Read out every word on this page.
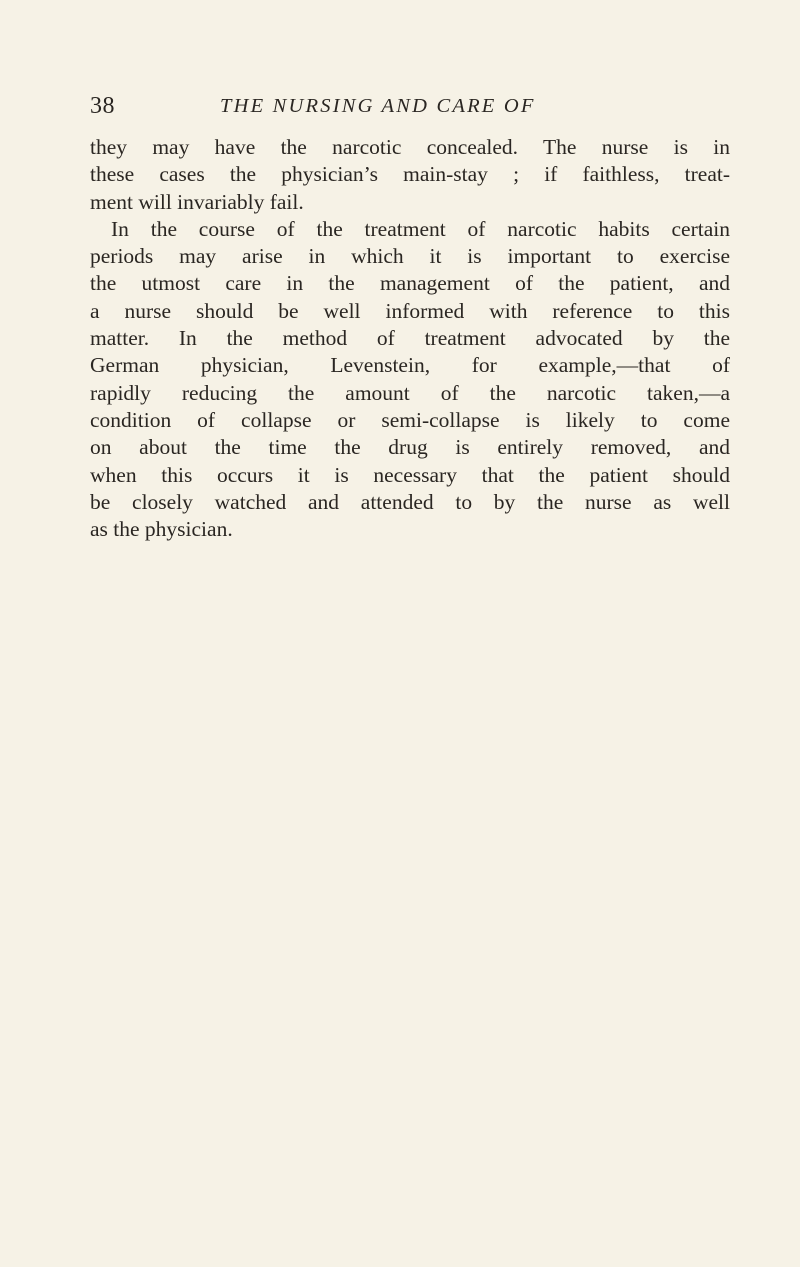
38	THE NURSING AND CARE OF
they may have the narcotic concealed. The nurse is in
these cases the physician’s main-stay ; if faithless, treat-
ment will invariably fail.
In the course of the treatment of narcotic habits certain
periods may arise in which it is important to exercise
the utmost care in the management of the patient, and
a nurse should be well informed with reference to this
matter. In the method of treatment advocated by the
German physician, Levenstein, for example,—that of
rapidly reducing the amount of the narcotic taken,—a
condition of collapse or semi-collapse is likely to come
on about the time the drug is entirely removed, and
when this occurs it is necessary that the patient should
be closely watched and attended to by the nurse as well
as the physician.
